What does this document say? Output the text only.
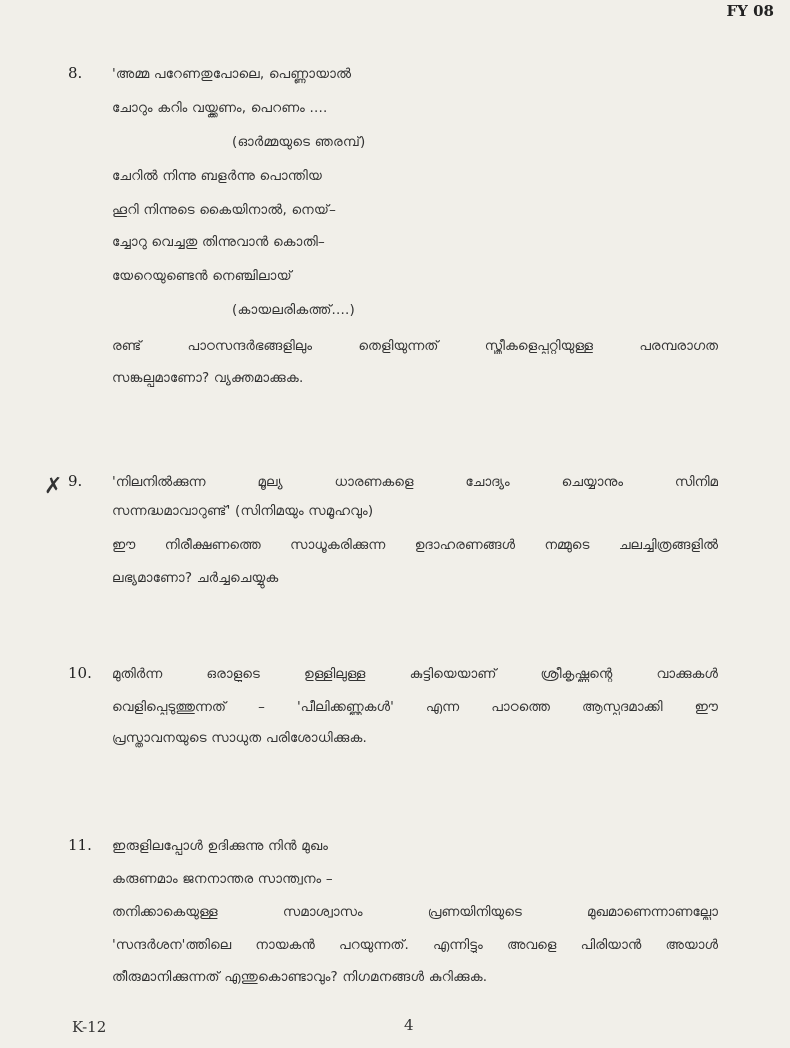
FY 08
8. 'അമ്മ പറേണതുപോലെ, പെണ്ണായാൽ
ചോറും കറിം വയ്ക്കണം, പെറണം ....
(ഓർമ്മയുടെ ഞരമ്പ്)
ചേറിൽ നിന്നു ബളർന്നു പൊന്തിയ
ഹൂറി നിന്നുടെ കൈയിനാൽ, നെയ്–
ച്ചോറു വെച്ചതു തിന്നുവാൻ കൊതി–
യേറെയുണ്ടെൻ നെഞ്ചിലായ്
(കായലരികത്ത്....)
രണ്ട് പാഠസന്ദർഭങ്ങളിലും തെളിയുന്നത് സ്ത്രീകളെപ്പറ്റിയുള്ള പരമ്പരാഗത
സങ്കല്പമാണോ? വ്യക്തമാക്കുക.
✗ 9. 'നിലനിൽക്കുന്ന മൂല്യ ധാരണകളെ ചോദ്യം ചെയ്യാനും സിനിമ
സന്നദ്ധമാവാറുണ്ട്' (സിനിമയും സമൂഹവും)
ഈ നിരീക്ഷണത്തെ സാധൂകരിക്കുന്ന ഉദാഹരണങ്ങൾ നമ്മുടെ ചലച്ചിത്രങ്ങളിൽ
ലഭ്യമാണോ? ചർച്ചചെയ്യുക
10. മുതിർന്ന ഒരാളുടെ ഉള്ളിലുള്ള കുട്ടിയെയാണ് ശ്രീകൃഷ്ണന്റെ വാക്കുകൾ
വെളിപ്പെടുത്തുന്നത് – 'പീലിക്കണ്ണുകൾ' എന്ന പാഠത്തെ ആസ്പദമാക്കി ഈ
പ്രസ്താവനയുടെ സാധുത പരിശോധിക്കുക.
11. ഇരുളിലപ്പോൾ ഉദിക്കുന്നു നിൻ മുഖം
കരുണമാം ജനനാന്തര സാന്ത്വനം –
തനിക്കാകെയുള്ള സമാശ്വാസം പ്രണയിനിയുടെ മുഖമാണെന്നാണല്ലോ
'സന്ദർശന'ത്തിലെ നായകൻ പറയുന്നത്. എന്നിട്ടും അവളെ പിരിയാൻ അയാൾ
തീരുമാനിക്കുന്നത് എന്തുകൊണ്ടാവും? നിഗമനങ്ങൾ കുറിക്കുക.
K-12	4
